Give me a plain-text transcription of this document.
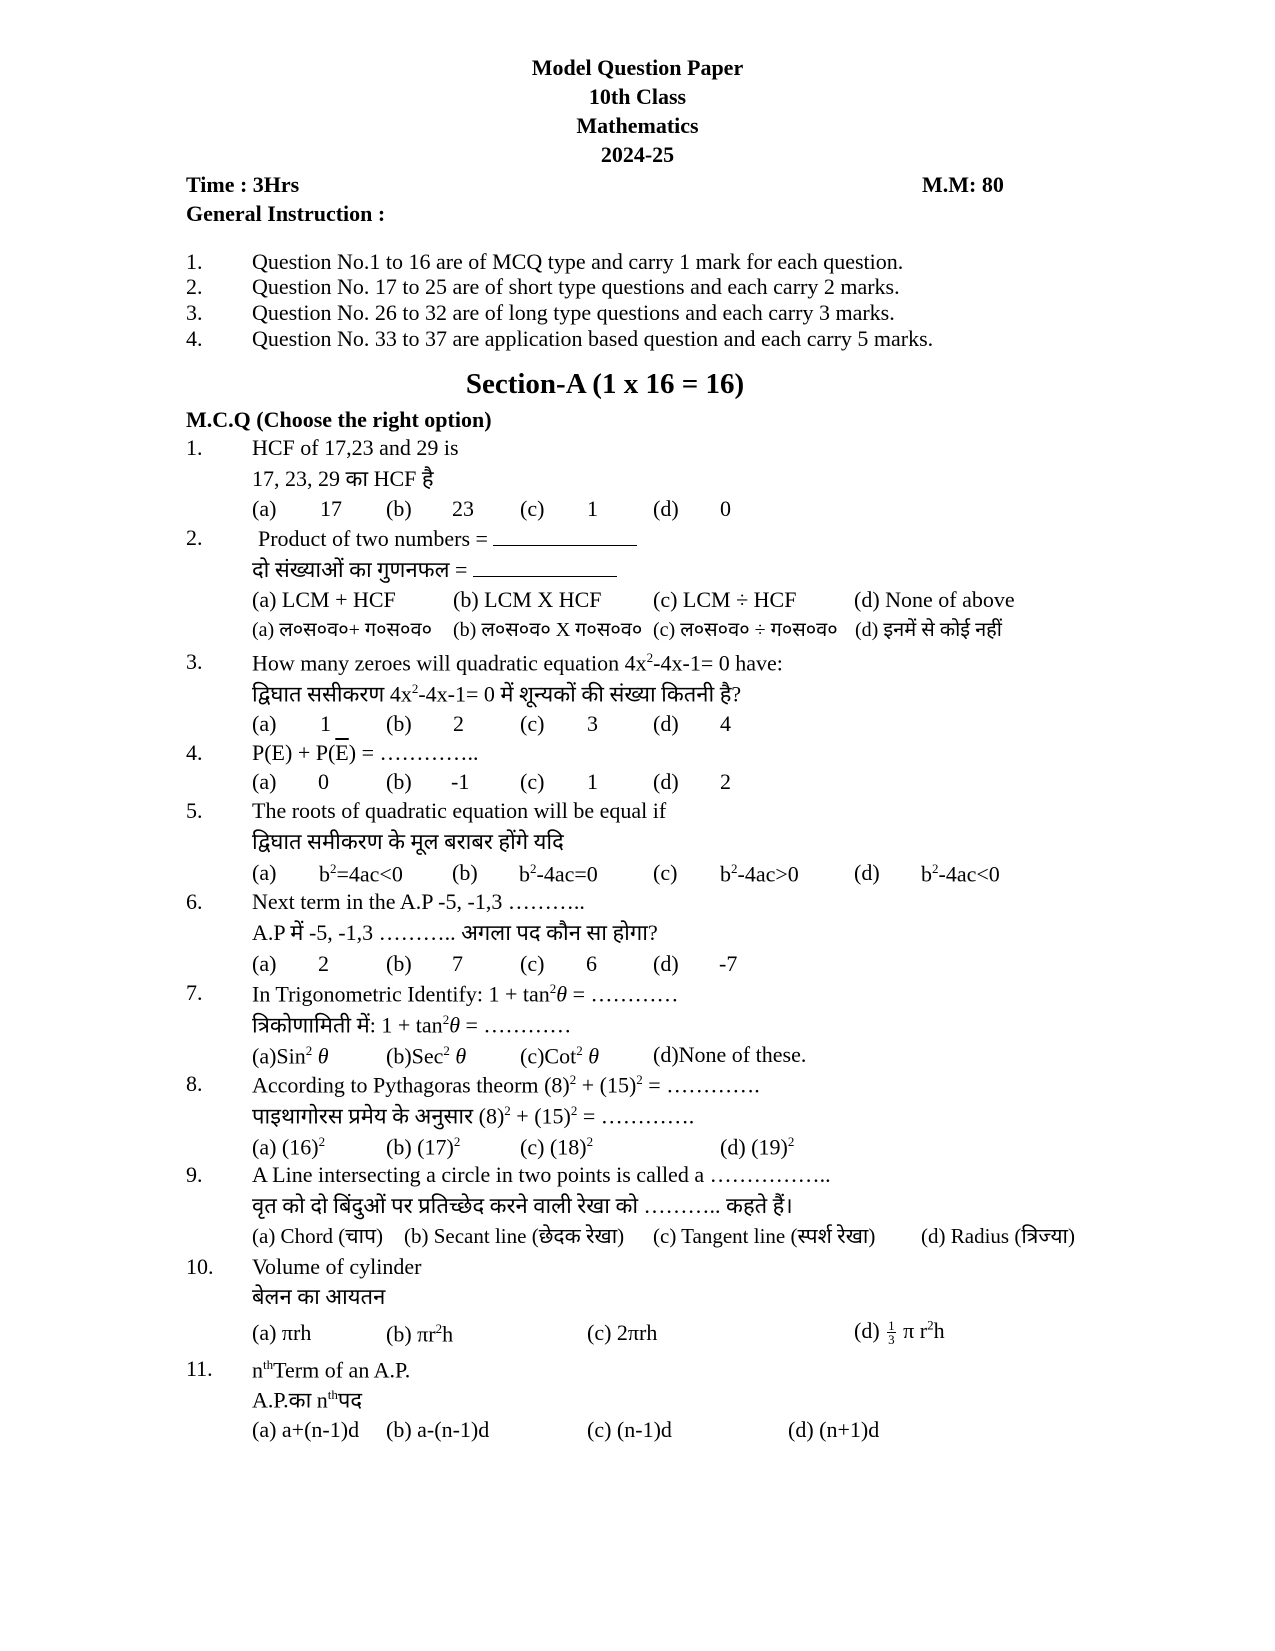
Model Question Paper
10th Class
Mathematics
2024-25
Time : 3Hrs	M.M: 80
General Instruction :
1. Question No.1 to 16 are of MCQ type and carry 1 mark for each question.
2. Question No. 17 to 25 are of short type questions and each carry 2 marks.
3. Question No. 26 to 32 are of long type questions and each carry 3 marks.
4. Question No. 33 to 37 are application based question and each carry 5 marks.
Section-A (1 x 16 = 16)
M.C.Q (Choose the right option)
1. HCF of 17,23 and 29 is
17, 23, 29 का HCF है
(a) 17 (b) 23 (c) 1	(d) 0
2.	Product of two numbers =
दो संख्याओं का गुणनफल =
(a) LCM + HCF	(b) LCM X HCF (c) LCM ÷ HCF	(d) None of above
(a) ल०स०व०+ ग०स०व० (b) ल०स०व० X ग०स०व० (c) ल०स०व० ÷ ग०स०व० (d) इनमें से कोई नहीं
3. How many zeroes will quadratic equation $4x^2-4x-1= 0$ have:
द्विघात ससीकरण $4x^2-4x-1= 0$ में शून्यकों की संख्या कितनी है?
(a) 1	(b) 2	(c) 3	(d) 4
4. $P(E) + P(\overline{E})$ = …………..
(a) 0	(b) -1 (c) 1	(d) 2
5. The roots of quadratic equation will be equal if
द्विघात समीकरण के मूल बराबर होंगे यदि
(a) $b^2=4ac<0$ (b) $b^2-4ac=0$	(c) $b^2-4ac>0$	(d) $b^2-4ac<0$
6. Next term in the A.P -5, -1,3 ………..
A.P में -5, -1,3 ……….. अगला पद कौन सा होगा?
(a) 2	(b) 7	(c) 6	(d) -7
7. In Trigonometric Identify: $1 + \tan^2\theta$ = …………
त्रिकोणामिती में: $1 + \tan^2\theta$ = …………
(a)Sin$^2$ θ	(b)Sec$^2$ θ (c)Cot$^2$ θ (d)None of these.
8. According to Pythagoras theorm $(8)^2 + (15)^2$ = ………….
पाइथागोरस प्रमेय के अनुसार $(8)^2 + (15)^2$ = ………….
(a) $(16)^2$	(b) $(17)^2$	(c) $(18)^2$	(d) $(19)^2$
9. A Line intersecting a circle in two points is called a ……………..
वृत को दो बिंदुओं पर प्रतिच्छेद करने वाली रेखा को ……….. कहते हैं।
(a) Chord (चाप) (b) Secant line (छेदक रेखा) (c) Tangent line (स्पर्श रेखा) (d) Radius (त्रिज्या)
10. Volume of cylinder
बेलन का आयतन
(a) πrh	(b) $\pi r^2h$	(c) 2πrh	$(d) \frac{1}{3}$ π $r^2h$
11. $n^{th}Term$ of an A.P.
A.P.का $n^{th}पद$
(a) a+(n-1)d (b) a-(n-1)d	(c) (n-1)d	(d) (n+1)d
